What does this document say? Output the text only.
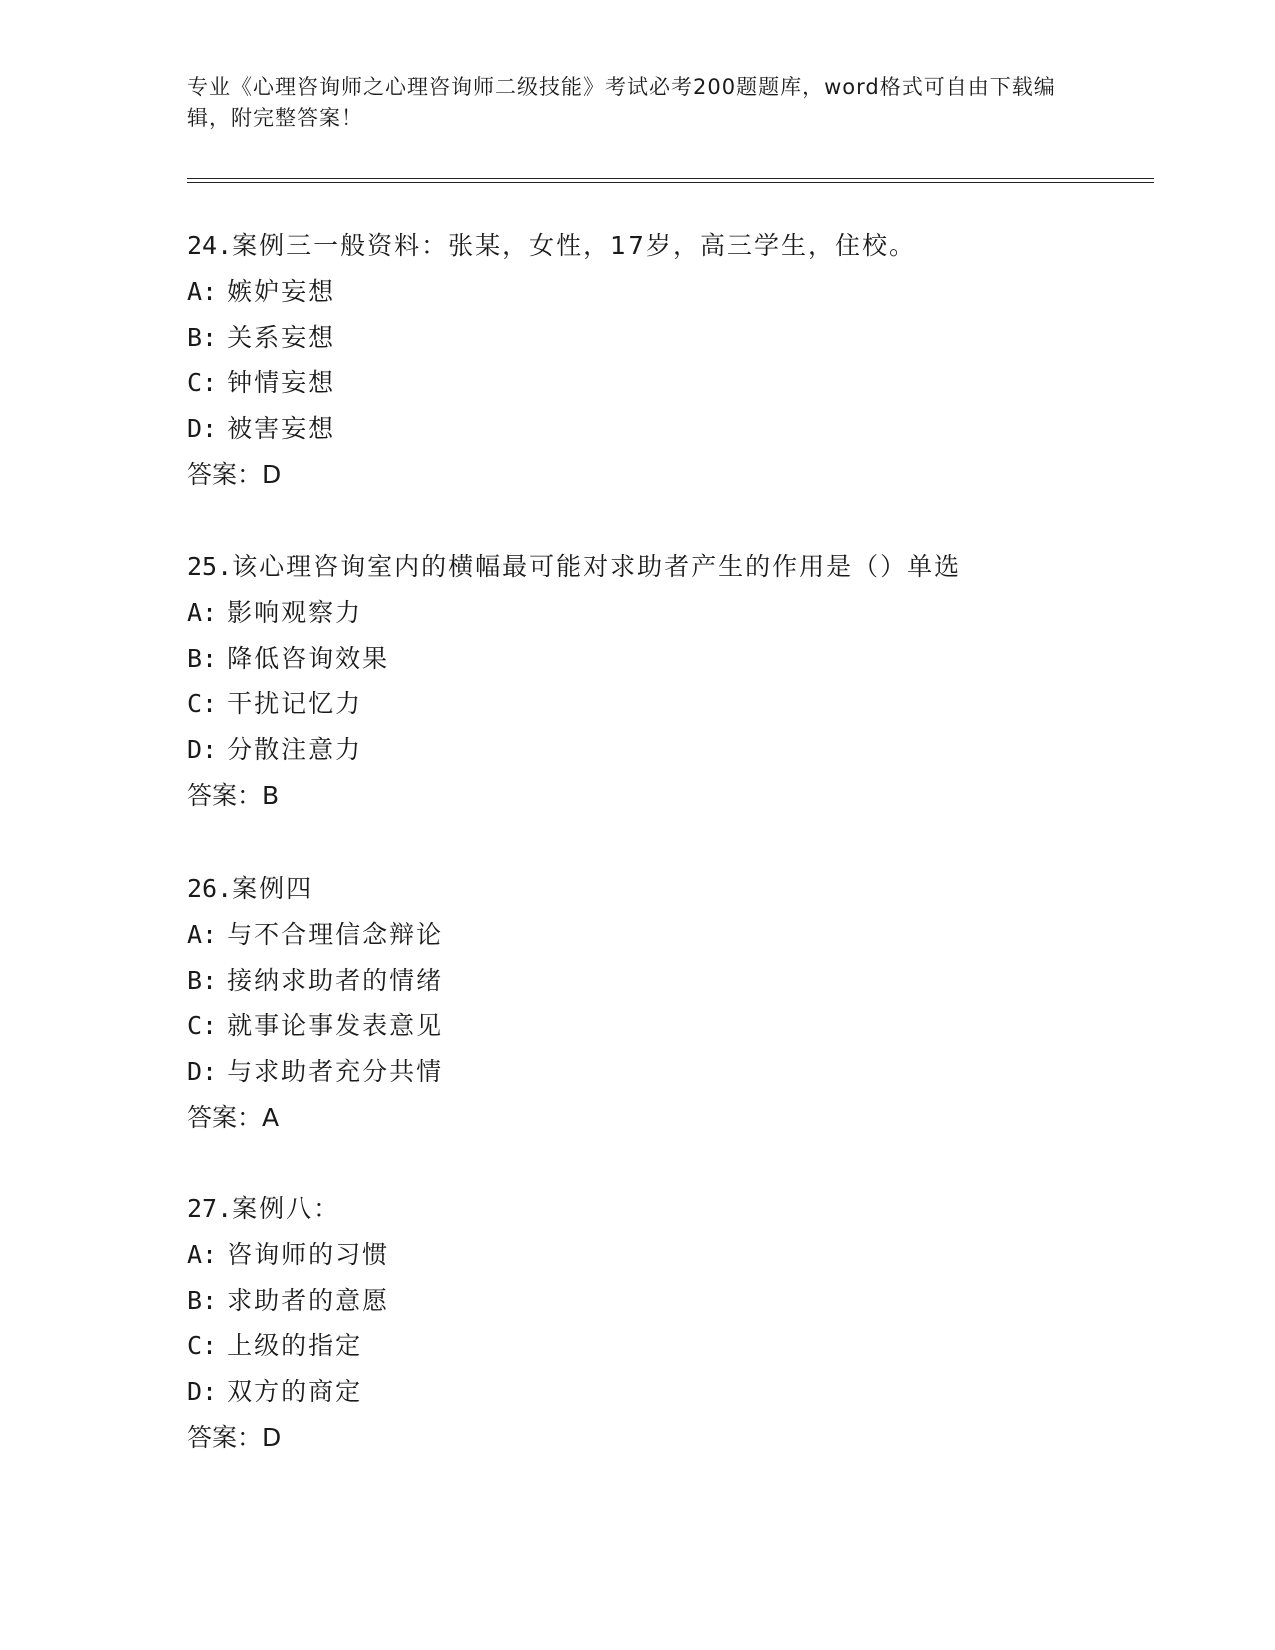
专业《心理咨询师之心理咨询师二级技能》考试必考200题题库，word格式可自由下载编辑，附完整答案！
24.案例三一般资料：张某，女性，17岁，高三学生，住校。
A: 嫉妒妄想
B: 关系妄想
C: 钟情妄想
D: 被害妄想
答案：D
25.该心理咨询室内的横幅最可能对求助者产生的作用是（）单选
A: 影响观察力
B: 降低咨询效果
C: 干扰记忆力
D: 分散注意力
答案：B
26.案例四
A: 与不合理信念辩论
B: 接纳求助者的情绪
C: 就事论事发表意见
D: 与求助者充分共情
答案：A
27.案例八：
A: 咨询师的习惯
B: 求助者的意愿
C: 上级的指定
D: 双方的商定
答案：D
